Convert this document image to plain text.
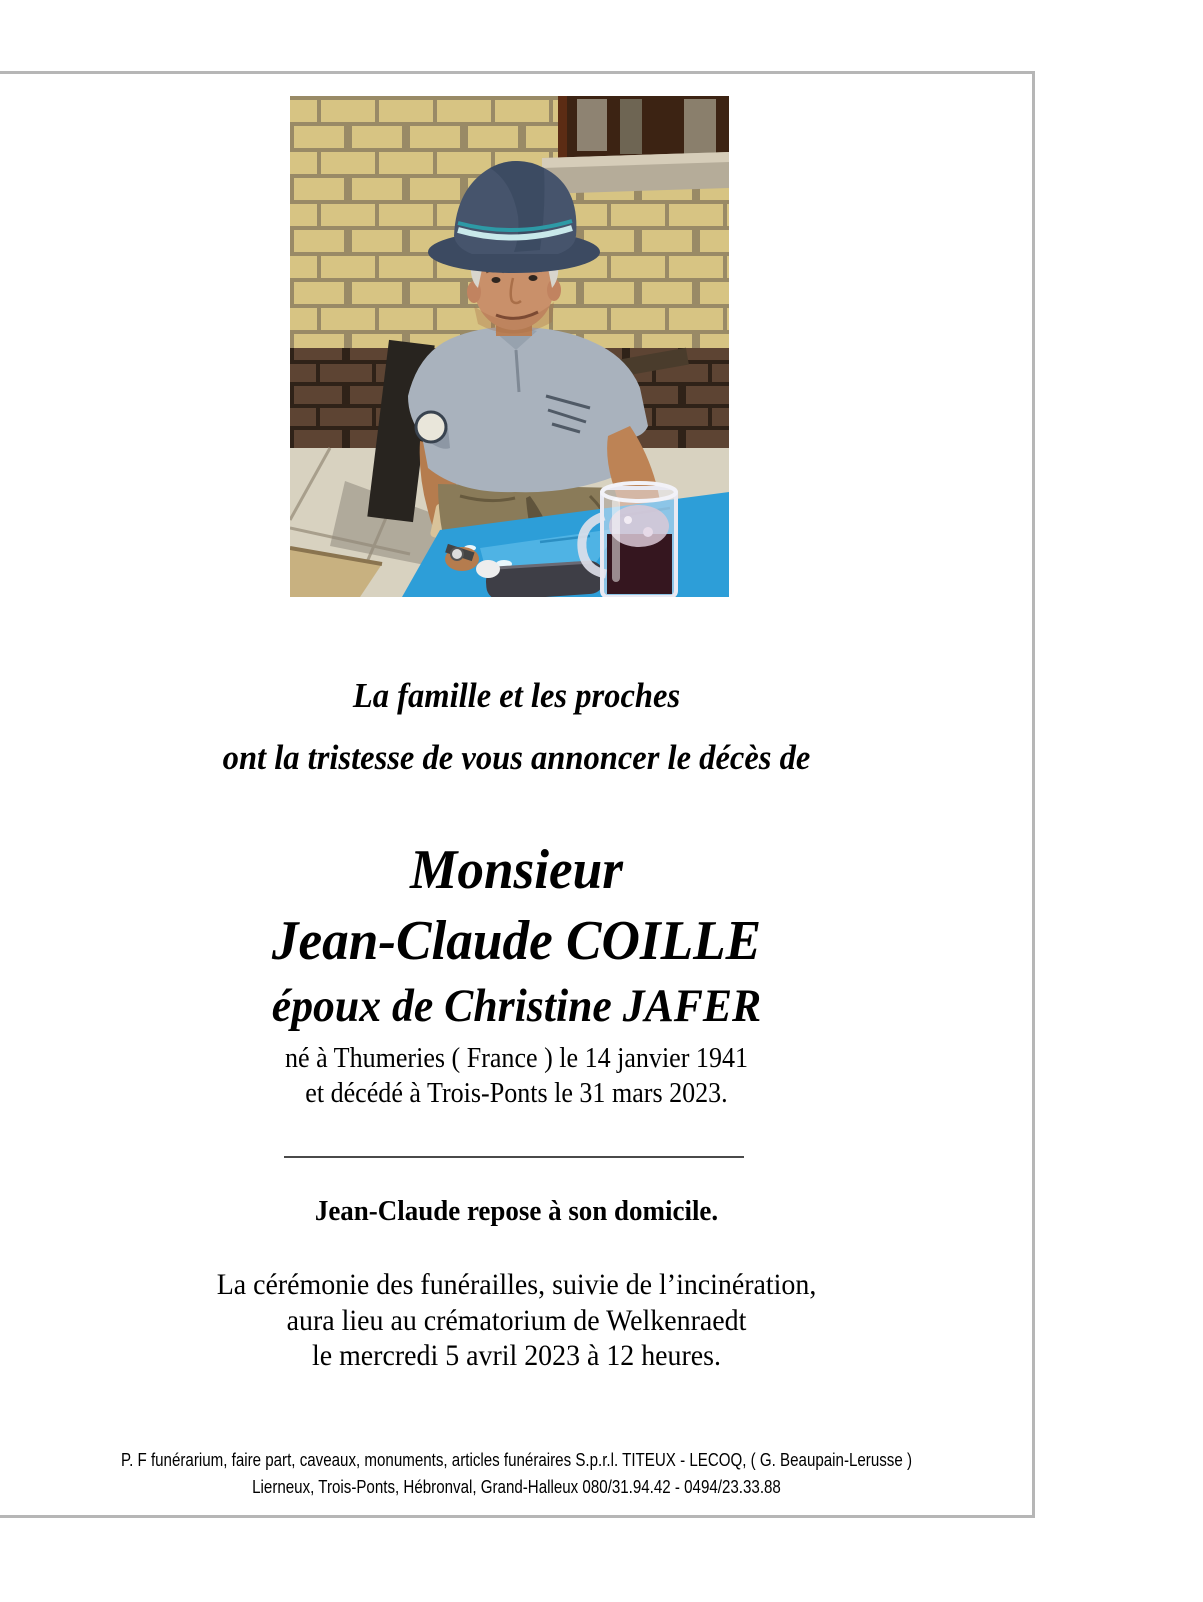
La famille et les proches
ont la tristesse de vous annoncer le décès de
Monsieur
Jean-Claude COILLE
époux de Christine JAFER
né à Thumeries ( France ) le 14 janvier 1941
et décédé à Trois-Ponts le 31 mars 2023.
Jean-Claude repose à son domicile.
La cérémonie des funérailles, suivie de l’incinération,
aura lieu au crématorium de Welkenraedt
le mercredi 5 avril 2023 à 12 heures.
P. F funérarium, faire part, caveaux, monuments, articles funéraires S.p.r.l. TITEUX - LECOQ, ( G. Beaupain-Lerusse )
Lierneux, Trois-Ponts, Hébronval, Grand-Halleux 080/31.94.42 - 0494/23.33.88
